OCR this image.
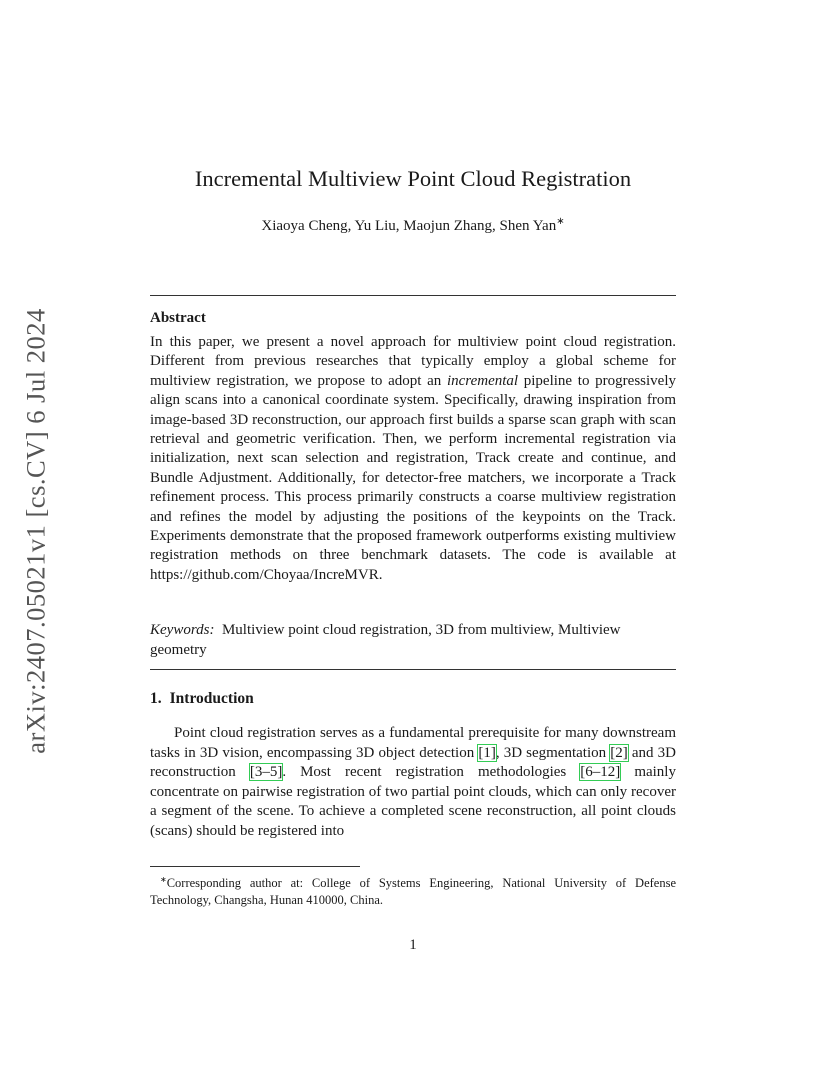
arXiv:2407.05021v1 [cs.CV] 6 Jul 2024
Incremental Multiview Point Cloud Registration
Xiaoya Cheng, Yu Liu, Maojun Zhang, Shen Yan∗
Abstract
In this paper, we present a novel approach for multiview point cloud registration. Different from previous researches that typically employ a global scheme for multiview registration, we propose to adopt an incremental pipeline to progressively align scans into a canonical coordinate system. Specifically, drawing inspiration from image-based 3D reconstruction, our approach first builds a sparse scan graph with scan retrieval and geometric verification. Then, we perform incremental registration via initialization, next scan selection and registration, Track create and continue, and Bundle Adjustment. Additionally, for detector-free matchers, we incorporate a Track refinement process. This process primarily constructs a coarse multiview registration and refines the model by adjusting the positions of the keypoints on the Track. Experiments demonstrate that the proposed framework outperforms existing multiview registration methods on three benchmark datasets. The code is available at https://github.com/Choyaa/IncreMVR.
Keywords: Multiview point cloud registration, 3D from multiview, Multiview geometry
1. Introduction
Point cloud registration serves as a fundamental prerequisite for many downstream tasks in 3D vision, encompassing 3D object detection [1], 3D segmentation [2] and 3D reconstruction [3–5]. Most recent registration methodologies [6–12] mainly concentrate on pairwise registration of two partial point clouds, which can only recover a segment of the scene. To achieve a completed scene reconstruction, all point clouds (scans) should be registered into
∗Corresponding author at: College of Systems Engineering, National University of Defense Technology, Changsha, Hunan 410000, China.
1
